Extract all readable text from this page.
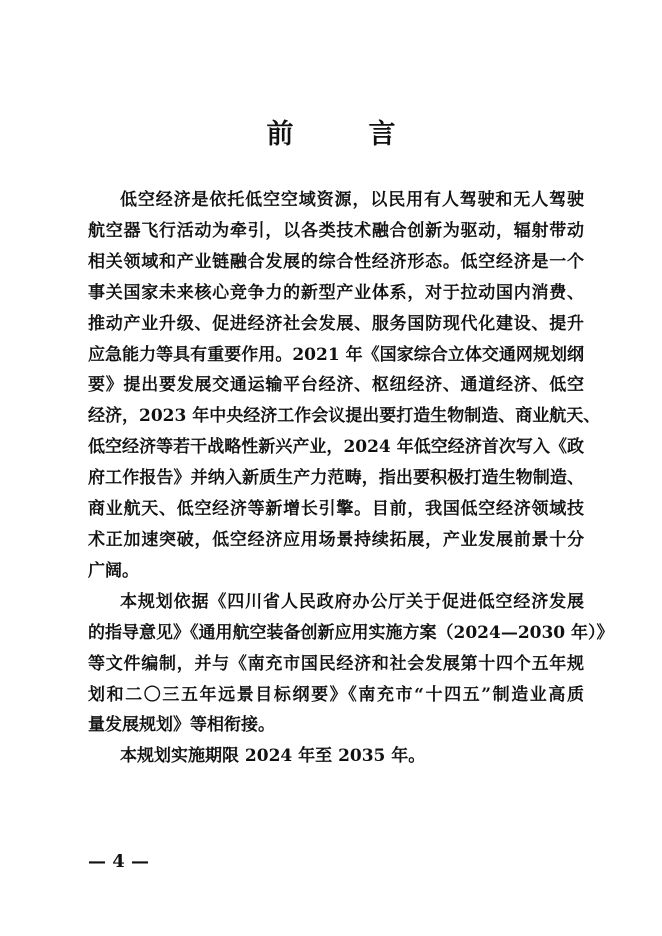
前　言

低空经济是依托低空空域资源，以民用有人驾驶和无人驾驶
航空器飞行活动为牵引，以各类技术融合创新为驱动，辐射带动
相关领域和产业链融合发展的综合性经济形态。低空经济是一个
事关国家未来核心竞争力的新型产业体系，对于拉动国内消费、
推动产业升级、促进经济社会发展、服务国防现代化建设、提升
应急能力等具有重要作用。2021 年《国家综合立体交通网规划纲
要》提出要发展交通运输平台经济、枢纽经济、通道经济、低空
经济，2023 年中央经济工作会议提出要打造生物制造、商业航天、
低空经济等若干战略性新兴产业，2024 年低空经济首次写入《政
府工作报告》并纳入新质生产力范畴，指出要积极打造生物制造、
商业航天、低空经济等新增长引擎。目前，我国低空经济领域技
术正加速突破，低空经济应用场景持续拓展，产业发展前景十分
广阔。

本规划依据《四川省人民政府办公厅关于促进低空经济发展
的指导意见》《通用航空装备创新应用实施方案（2024—2030 年）》
等文件编制，并与《南充市国民经济和社会发展第十四个五年规
划和二〇三五年远景目标纲要》《南充市“十四五”制造业高质
量发展规划》等相衔接。

本规划实施期限 2024 年至 2035 年。

— 4 —
